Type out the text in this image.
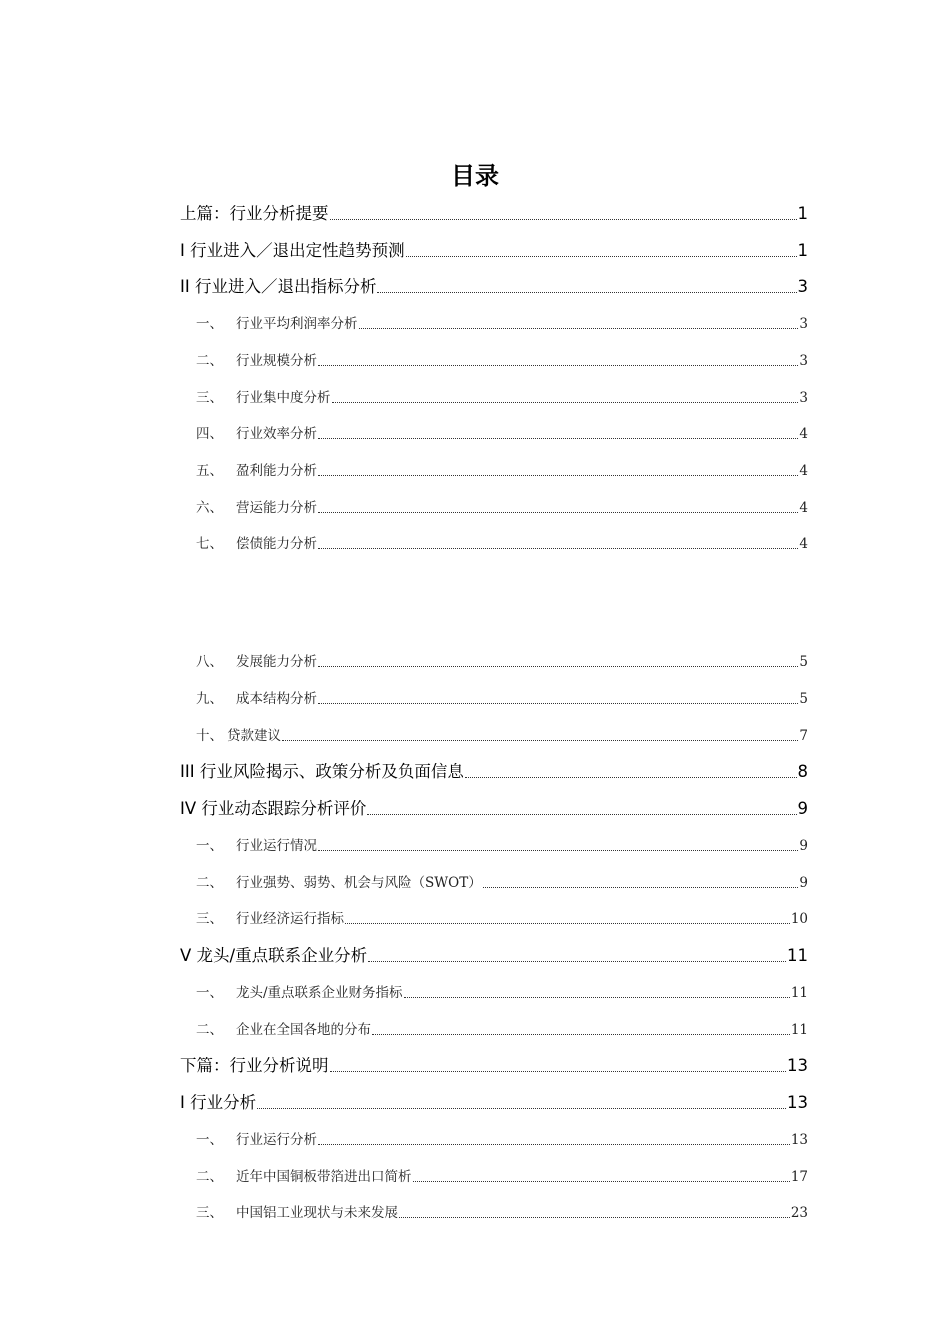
目录
上篇：行业分析提要	1
I 行业进入／退出定性趋势预测	1
II 行业进入／退出指标分析	3
一、 行业平均利润率分析	3
二、 行业规模分析	3
三、 行业集中度分析	3
四、 行业效率分析	4
五、 盈利能力分析	4
六、 营运能力分析	4
七、 偿债能力分析	4
八、 发展能力分析	5
九、 成本结构分析	5
十、 贷款建议	7
III 行业风险揭示、政策分析及负面信息	8
IV 行业动态跟踪分析评价	9
一、 行业运行情况	9
二、 行业强势、弱势、机会与风险（SWOT）	9
三、 行业经济运行指标	10
V 龙头/重点联系企业分析	11
一、 龙头/重点联系企业财务指标	11
二、 企业在全国各地的分布	11
下篇：行业分析说明	13
I 行业分析	13
一、 行业运行分析	13
二、 近年中国铜板带箔进出口简析	17
三、 中国铝工业现状与未来发展	23
